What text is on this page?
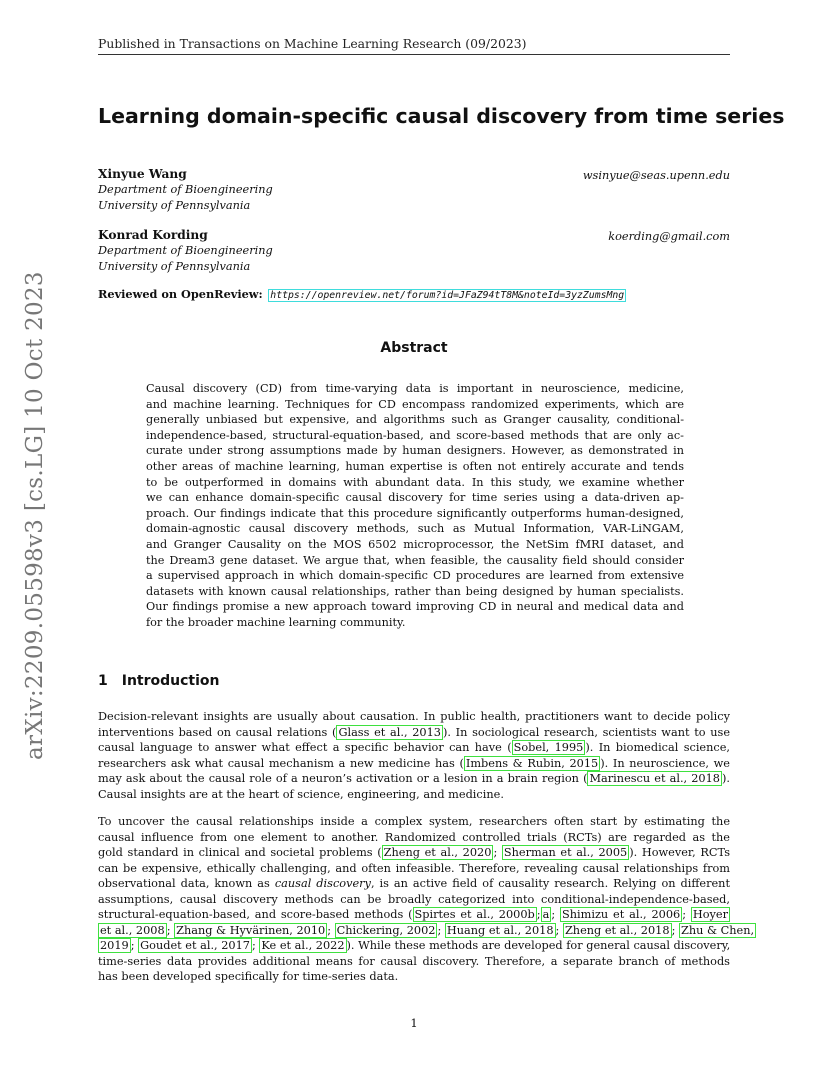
arXiv:2209.05598v3 [cs.LG] 10 Oct 2023
Published in Transactions on Machine Learning Research (09/2023)
Learning domain-specific causal discovery from time series
Xinyue Wang	wsinyue@seas.upenn.edu
Department of Bioengineering
University of Pennsylvania
Konrad Kording	koerding@gmail.com
Department of Bioengineering
University of Pennsylvania
Reviewed on OpenReview: https://openreview.net/forum?id=JFaZ94tT8M&noteId=3yzZumsMng
Abstract
Causal discovery (CD) from time-varying data is important in neuroscience, medicine,
and machine learning. Techniques for CD encompass randomized experiments, which are
generally unbiased but expensive, and algorithms such as Granger causality, conditional-
independence-based, structural-equation-based, and score-based methods that are only ac-
curate under strong assumptions made by human designers. However, as demonstrated in
other areas of machine learning, human expertise is often not entirely accurate and tends
to be outperformed in domains with abundant data. In this study, we examine whether
we can enhance domain-specific causal discovery for time series using a data-driven ap-
proach. Our findings indicate that this procedure significantly outperforms human-designed,
domain-agnostic causal discovery methods, such as Mutual Information, VAR-LiNGAM,
and Granger Causality on the MOS 6502 microprocessor, the NetSim fMRI dataset, and
the Dream3 gene dataset. We argue that, when feasible, the causality field should consider
a supervised approach in which domain-specific CD procedures are learned from extensive
datasets with known causal relationships, rather than being designed by human specialists.
Our findings promise a new approach toward improving CD in neural and medical data and
for the broader machine learning community.
1 Introduction
Decision-relevant insights are usually about causation. In public health, practitioners want to decide policy
interventions based on causal relations ( Glass et al., 2013 ). In sociological research, scientists want to use
causal language to answer what effect a specific behavior can have ( Sobel, 1995 ). In biomedical science,
researchers ask what causal mechanism a new medicine has ( Imbens & Rubin, 2015 ). In neuroscience, we
may ask about the causal role of a neuron’s activation or a lesion in a brain region ( Marinescu et al., 2018 ).
Causal insights are at the heart of science, engineering, and medicine.
To uncover the causal relationships inside a complex system, researchers often start by estimating the
causal influence from one element to another. Randomized controlled trials (RCTs) are regarded as the
gold standard in clinical and societal problems ( Zheng et al., 2020 ; Sherman et al., 2005 ). However, RCTs
can be expensive, ethically challenging, and often infeasible. Therefore, revealing causal relationships from
observational data, known as causal discovery, is an active field of causality research. Relying on different
assumptions, causal discovery methods can be broadly categorized into conditional-independence-based,
structural-equation-based, and score-based methods ( Spirtes et al., 2000b ; a ; Shimizu et al., 2006 ; Hoyer
et al., 2008 ; Zhang & Hyvärinen, 2010 ; Chickering, 2002 ; Huang et al., 2018 ; Zheng et al., 2018 ; Zhu & Chen,
2019 ; Goudet et al., 2017 ; Ke et al., 2022 ). While these methods are developed for general causal discovery,
time-series data provides additional means for causal discovery. Therefore, a separate branch of methods
has been developed specifically for time-series data.
1
